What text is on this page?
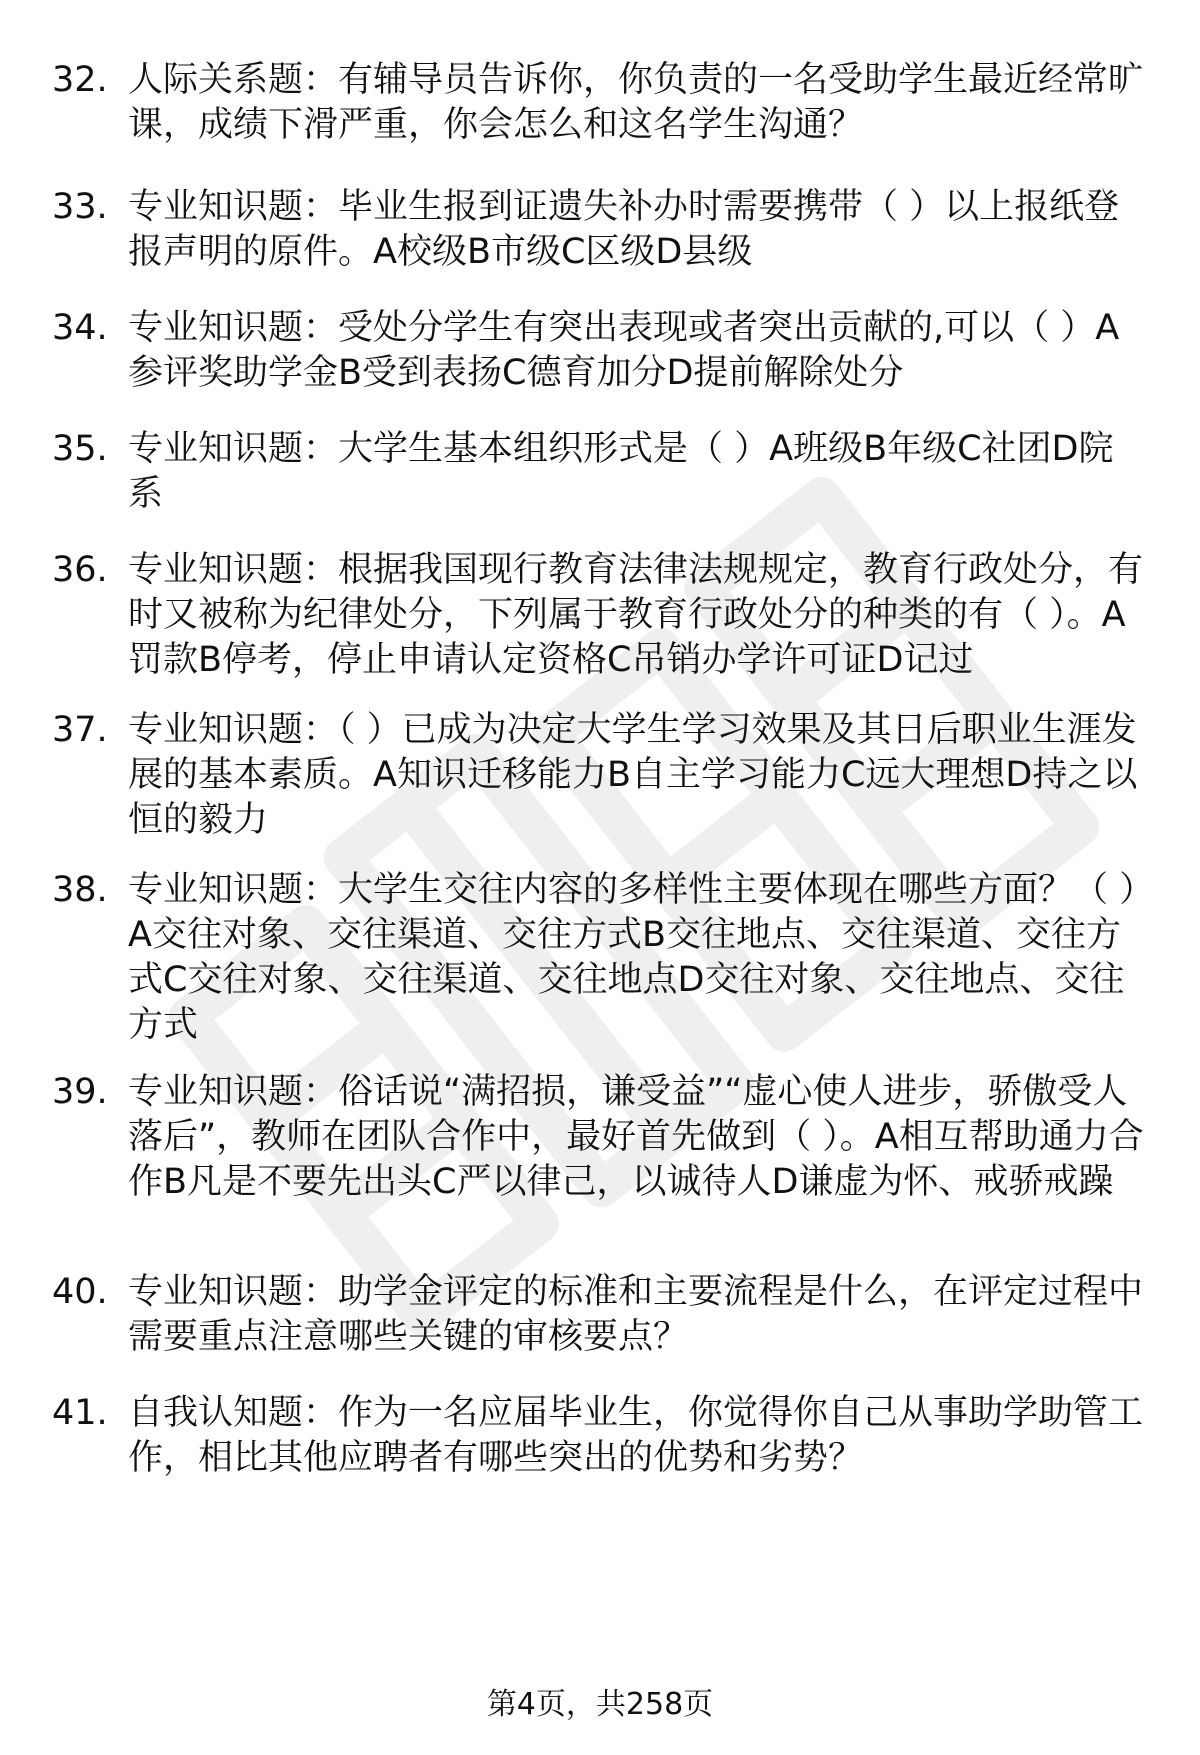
32. 人际关系题：有辅导员告诉你，你负责的一名受助学生最近经常旷课，成绩下滑严重，你会怎么和这名学生沟通？
33. 专业知识题：毕业生报到证遗失补办时需要携带（ ）以上报纸登报声明的原件。A校级B市级C区级D县级
34. 专业知识题：受处分学生有突出表现或者突出贡献的,可以（ ）A参评奖助学金B受到表扬C德育加分D提前解除处分
35. 专业知识题：大学生基本组织形式是（ ）A班级B年级C社团D院系
36. 专业知识题：根据我国现行教育法律法规规定，教育行政处分，有时又被称为纪律处分，下列属于教育行政处分的种类的有（ ）。A罚款B停考，停止申请认定资格C吊销办学许可证D记过
37. 专业知识题：（ ）已成为决定大学生学习效果及其日后职业生涯发展的基本素质。A知识迁移能力B自主学习能力C远大理想D持之以恒的毅力
38. 专业知识题：大学生交往内容的多样性主要体现在哪些方面？（ ）A交往对象、交往渠道、交往方式B交往地点、交往渠道、交往方式C交往对象、交往渠道、交往地点D交往对象、交往地点、交往方式
39. 专业知识题：俗话说“满招损，谦受益”“虚心使人进步，骄傲受人落后”，教师在团队合作中，最好首先做到（ ）。A相互帮助通力合作B凡是不要先出头C严以律己，以诚待人D谦虚为怀、戒骄戒躁
40. 专业知识题：助学金评定的标准和主要流程是什么，在评定过程中需要重点注意哪些关键的审核要点？
41. 自我认知题：作为一名应届毕业生，你觉得你自己从事助学助管工作，相比其他应聘者有哪些突出的优势和劣势？
第4页，共258页
